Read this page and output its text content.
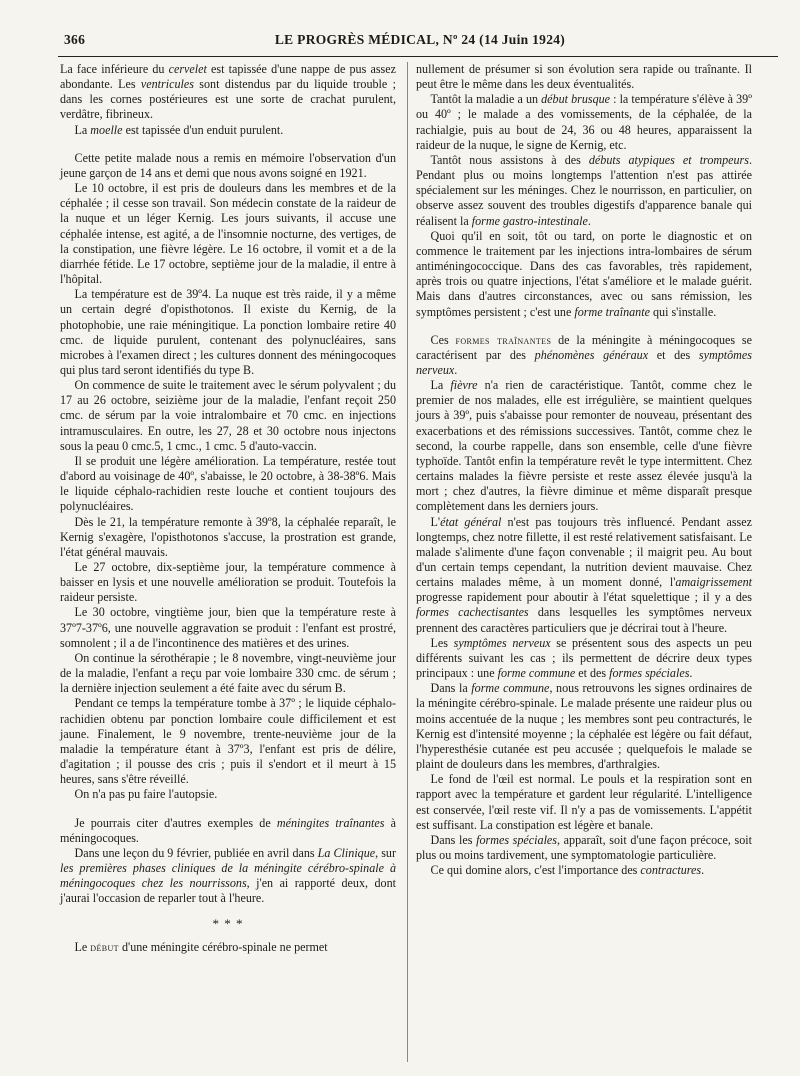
366	LE PROGRÈS MÉDICAL, Nº 24 (14 Juin 1924)

La face inférieure du cervelet est tapissée d'une nappe de pus assez abondante. Les ventricules sont distendus par du liquide trouble ; dans les cornes postérieures est une sorte de crachat purulent, verdâtre, fibrineux.

La moelle est tapissée d'un enduit purulent.

Cette petite malade nous a remis en mémoire l'observation d'un jeune garçon de 14 ans et demi que nous avons soigné en 1921.

Le 10 octobre, il est pris de douleurs dans les membres et de la céphalée ; il cesse son travail. Son médecin constate de la raideur de la nuque et un léger Kernig. Les jours suivants, il accuse une céphalée intense, est agité, a de l'insomnie nocturne, des vertiges, de la constipation, une fièvre légère. Le 16 octobre, il vomit et a de la diarrhée fétide. Le 17 octobre, septième jour de la maladie, il entre à l'hôpital.

La température est de 39º4. La nuque est très raide, il y a même un certain degré d'opisthotonos. Il existe du Kernig, de la photophobie, une raie méningitique. La ponction lombaire retire 40 cmc. de liquide purulent, contenant des polynucléaires, sans microbes à l'examen direct ; les cultures donnent des méningocoques qui plus tard seront identifiés du type B.

On commence de suite le traitement avec le sérum polyvalent ; du 17 au 26 octobre, seizième jour de la maladie, l'enfant reçoit 250 cmc. de sérum par la voie intralombaire et 70 cmc. en injections intramusculaires. En outre, les 27, 28 et 30 octobre nous injectons sous la peau 0 cmc.5, 1 cmc., 1 cmc. 5 d'auto-vaccin.

Il se produit une légère amélioration. La température, restée tout d'abord au voisinage de 40º, s'abaisse, le 20 octobre, à 38-38º6. Mais le liquide céphalo-rachidien reste louche et contient toujours des polynucléaires.

Dès le 21, la température remonte à 39º8, la céphalée reparaît, le Kernig s'exagère, l'opisthotonos s'accuse, la prostration est grande, l'état général mauvais.

Le 27 octobre, dix-septième jour, la température commence à baisser en lysis et une nouvelle amélioration se produit. Toutefois la raideur persiste.

Le 30 octobre, vingtième jour, bien que la température reste à 37º7-37º6, une nouvelle aggravation se produit : l'enfant est prostré, somnolent ; il a de l'incontinence des matières et des urines.

On continue la sérothérapie ; le 8 novembre, vingt-neuvième jour de la maladie, l'enfant a reçu par voie lombaire 330 cmc. de sérum ; la dernière injection seulement a été faite avec du sérum B.

Pendant ce temps la température tombe à 37º ; le liquide céphalo-rachidien obtenu par ponction lombaire coule difficilement et est jaune. Finalement, le 9 novembre, trente-neuvième jour de la maladie la température étant à 37º3, l'enfant est pris de délire, d'agitation ; il pousse des cris ; puis il s'endort et il meurt à 15 heures, sans s'être réveillé.

On n'a pas pu faire l'autopsie.

Je pourrais citer d'autres exemples de méningites traînantes à méningocoques.

Dans une leçon du 9 février, publiée en avril dans La Clinique, sur les premières phases cliniques de la méningite cérébro-spinale à méningocoques chez les nourrissons, j'en ai rapporté deux, dont j'aurai l'occasion de reparler tout à l'heure.

* * *

Le début d'une méningite cérébro-spinale ne permet

nullement de présumer si son évolution sera rapide ou traînante. Il peut être le même dans les deux éventualités.

Tantôt la maladie a un début brusque : la température s'élève à 39º ou 40º ; le malade a des vomissements, de la céphalée, de la rachialgie, puis au bout de 24, 36 ou 48 heures, apparaissent la raideur de la nuque, le signe de Kernig, etc.

Tantôt nous assistons à des débuts atypiques et trompeurs. Pendant plus ou moins longtemps l'attention n'est pas attirée spécialement sur les méninges. Chez le nourrisson, en particulier, on observe assez souvent des troubles digestifs d'apparence banale qui réalisent la forme gastro-intestinale.

Quoi qu'il en soit, tôt ou tard, on porte le diagnostic et on commence le traitement par les injections intra-lombaires de sérum antiméningococcique. Dans des cas favorables, très rapidement, après trois ou quatre injections, l'état s'améliore et le malade guérit. Mais dans d'autres circonstances, avec ou sans rémission, les symptômes persistent ; c'est une forme traînante qui s'installe.

Ces formes traînantes de la méningite à méningocoques se caractérisent par des phénomènes généraux et des symptômes nerveux.

La fièvre n'a rien de caractéristique. Tantôt, comme chez le premier de nos malades, elle est irrégulière, se maintient quelques jours à 39º, puis s'abaisse pour remonter de nouveau, présentant des exacerbations et des rémissions successives. Tantôt, comme chez le second, la courbe rappelle, dans son ensemble, celle d'une fièvre typhoïde. Tantôt enfin la température revêt le type intermittent. Chez certains malades la fièvre persiste et reste assez élevée jusqu'à la mort ; chez d'autres, la fièvre diminue et même disparaît presque complètement dans les derniers jours.

L'état général n'est pas toujours très influencé. Pendant assez longtemps, chez notre fillette, il est resté relativement satisfaisant. Le malade s'alimente d'une façon convenable ; il maigrit peu. Au bout d'un certain temps cependant, la nutrition devient mauvaise. Chez certains malades même, à un moment donné, l'amaigrissement progresse rapidement pour aboutir à l'état squelettique ; il y a des formes cachectisantes dans lesquelles les symptômes nerveux prennent des caractères particuliers que je décrirai tout à l'heure.

Les symptômes nerveux se présentent sous des aspects un peu différents suivant les cas ; ils permettent de décrire deux types principaux : une forme commune et des formes spéciales.

Dans la forme commune, nous retrouvons les signes ordinaires de la méningite cérébro-spinale. Le malade présente une raideur plus ou moins accentuée de la nuque ; les membres sont peu contracturés, le Kernig est d'intensité moyenne ; la céphalée est légère ou fait défaut, l'hyperesthésie cutanée est peu accusée ; quelquefois le malade se plaint de douleurs dans les membres, d'arthralgies.

Le fond de l'œil est normal. Le pouls et la respiration sont en rapport avec la température et gardent leur régularité. L'intelligence est conservée, l'œil reste vif. Il n'y a pas de vomissements. L'appétit est suffisant. La constipation est légère et banale.

Dans les formes spéciales, apparaît, soit d'une façon précoce, soit plus ou moins tardivement, une symptomatologie particulière.

Ce qui domine alors, c'est l'importance des contractures.
